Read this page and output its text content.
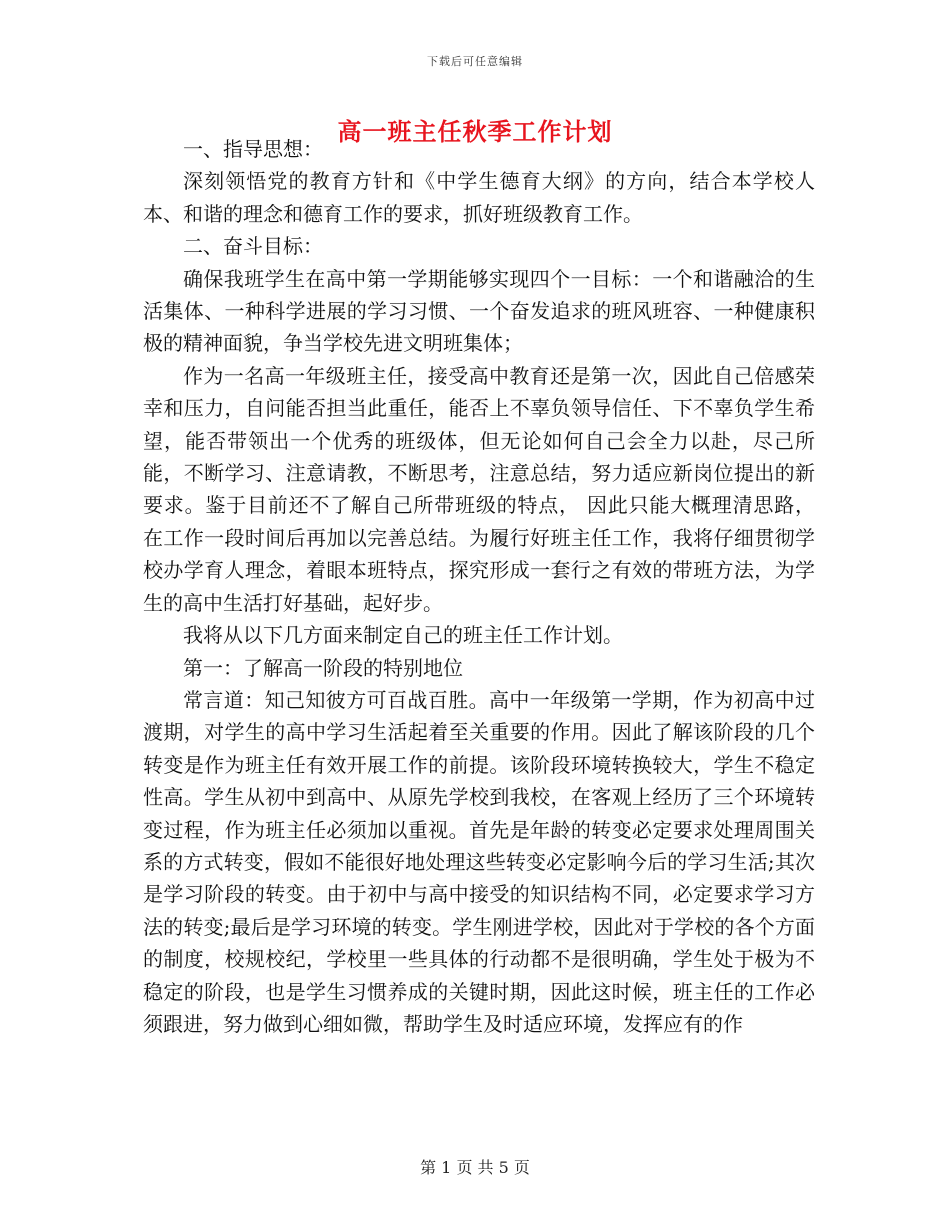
下载后可任意编辑
高一班主任秋季工作计划

一、指导思想：

深刻领悟党的教育方针和《中学生德育大纲》的方向，结合本学校人本、和谐的理念和德育工作的要求，抓好班级教育工作。

二、奋斗目标：

确保我班学生在高中第一学期能够实现四个一目标：一个和谐融洽的生活集体、一种科学进展的学习习惯、一个奋发追求的班风班容、一种健康积极的精神面貌，争当学校先进文明班集体；

作为一名高一年级班主任，接受高中教育还是第一次，因此自己倍感荣幸和压力，自问能否担当此重任，能否上不辜负领导信任、下不辜负学生希望，能否带领出一个优秀的班级体，但无论如何自己会全力以赴，尽己所能，不断学习、注意请教，不断思考，注意总结，努力适应新岗位提出的新要求。鉴于目前还不了解自己所带班级的特点， 因此只能大概理清思路， 在工作一段时间后再加以完善总结。为履行好班主任工作，我将仔细贯彻学校办学育人理念，着眼本班特点，探究形成一套行之有效的带班方法，为学生的高中生活打好基础，起好步。

我将从以下几方面来制定自己的班主任工作计划。

第一：了解高一阶段的特别地位

常言道：知己知彼方可百战百胜。高中一年级第一学期，作为初高中过渡期，对学生的高中学习生活起着至关重要的作用。因此了解该阶段的几个转变是作为班主任有效开展工作的前提。该阶段环境转换较大，学生不稳定性高。学生从初中到高中、从原先学校到我校，在客观上经历了三个环境转变过程，作为班主任必须加以重视。首先是年龄的转变必定要求处理周围关系的方式转变，假如不能很好地处理这些转变必定影响今后的学习生活;其次是学习阶段的转变。由于初中与高中接受的知识结构不同，必定要求学习方法的转变;最后是学习环境的转变。学生刚进学校，因此对于学校的各个方面的制度，校规校纪，学校里一些具体的行动都不是很明确，学生处于极为不稳定的阶段，也是学生习惯养成的关键时期，因此这时候，班主任的工作必须跟进，努力做到心细如微，帮助学生及时适应环境，发挥应有的作

第 1 页 共 5 页
